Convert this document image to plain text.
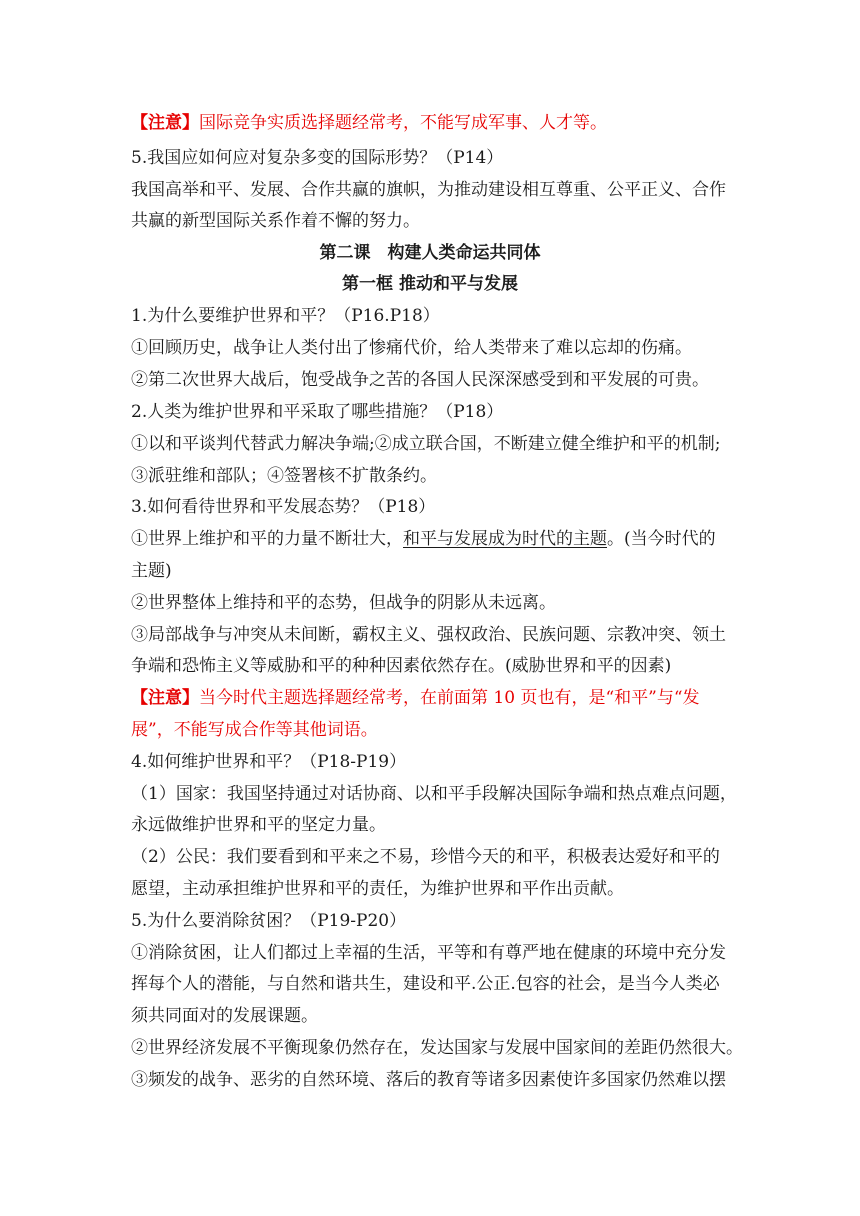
【注意】国际竞争实质选择题经常考，不能写成军事、人才等。
5.我国应如何应对复杂多变的国际形势？（P14）
我国高举和平、发展、合作共赢的旗帜，为推动建设相互尊重、公平正义、合作
共赢的新型国际关系作着不懈的努力。
第二课　构建人类命运共同体
第一框 推动和平与发展
1.为什么要维护世界和平？（P16.P18）
①回顾历史，战争让人类付出了惨痛代价，给人类带来了难以忘却的伤痛。
②第二次世界大战后，饱受战争之苦的各国人民深深感受到和平发展的可贵。
2.人类为维护世界和平采取了哪些措施？（P18）
①以和平谈判代替武力解决争端;②成立联合国，不断建立健全维护和平的机制;
③派驻维和部队；④签署核不扩散条约。
3.如何看待世界和平发展态势？（P18）
①世界上维护和平的力量不断壮大，和平与发展成为时代的主题。(当今时代的
主题)
②世界整体上维持和平的态势，但战争的阴影从未远离。
③局部战争与冲突从未间断，霸权主义、强权政治、民族问题、宗教冲突、领土
争端和恐怖主义等威胁和平的种种因素依然存在。(威胁世界和平的因素)
【注意】当今时代主题选择题经常考，在前面第 10 页也有，是“和平”与“发
展”，不能写成合作等其他词语。
4.如何维护世界和平？（P18-P19）
（1）国家：我国坚持通过对话协商、以和平手段解决国际争端和热点难点问题，
永远做维护世界和平的坚定力量。
（2）公民：我们要看到和平来之不易，珍惜今天的和平，积极表达爱好和平的
愿望，主动承担维护世界和平的责任，为维护世界和平作出贡献。
5.为什么要消除贫困？（P19-P20）
①消除贫困，让人们都过上幸福的生活，平等和有尊严地在健康的环境中充分发
挥每个人的潜能，与自然和谐共生，建设和平.公正.包容的社会，是当今人类必
须共同面对的发展课题。
②世界经济发展不平衡现象仍然存在，发达国家与发展中国家间的差距仍然很大。
③频发的战争、恶劣的自然环境、落后的教育等诸多因素使许多国家仍然难以摆
